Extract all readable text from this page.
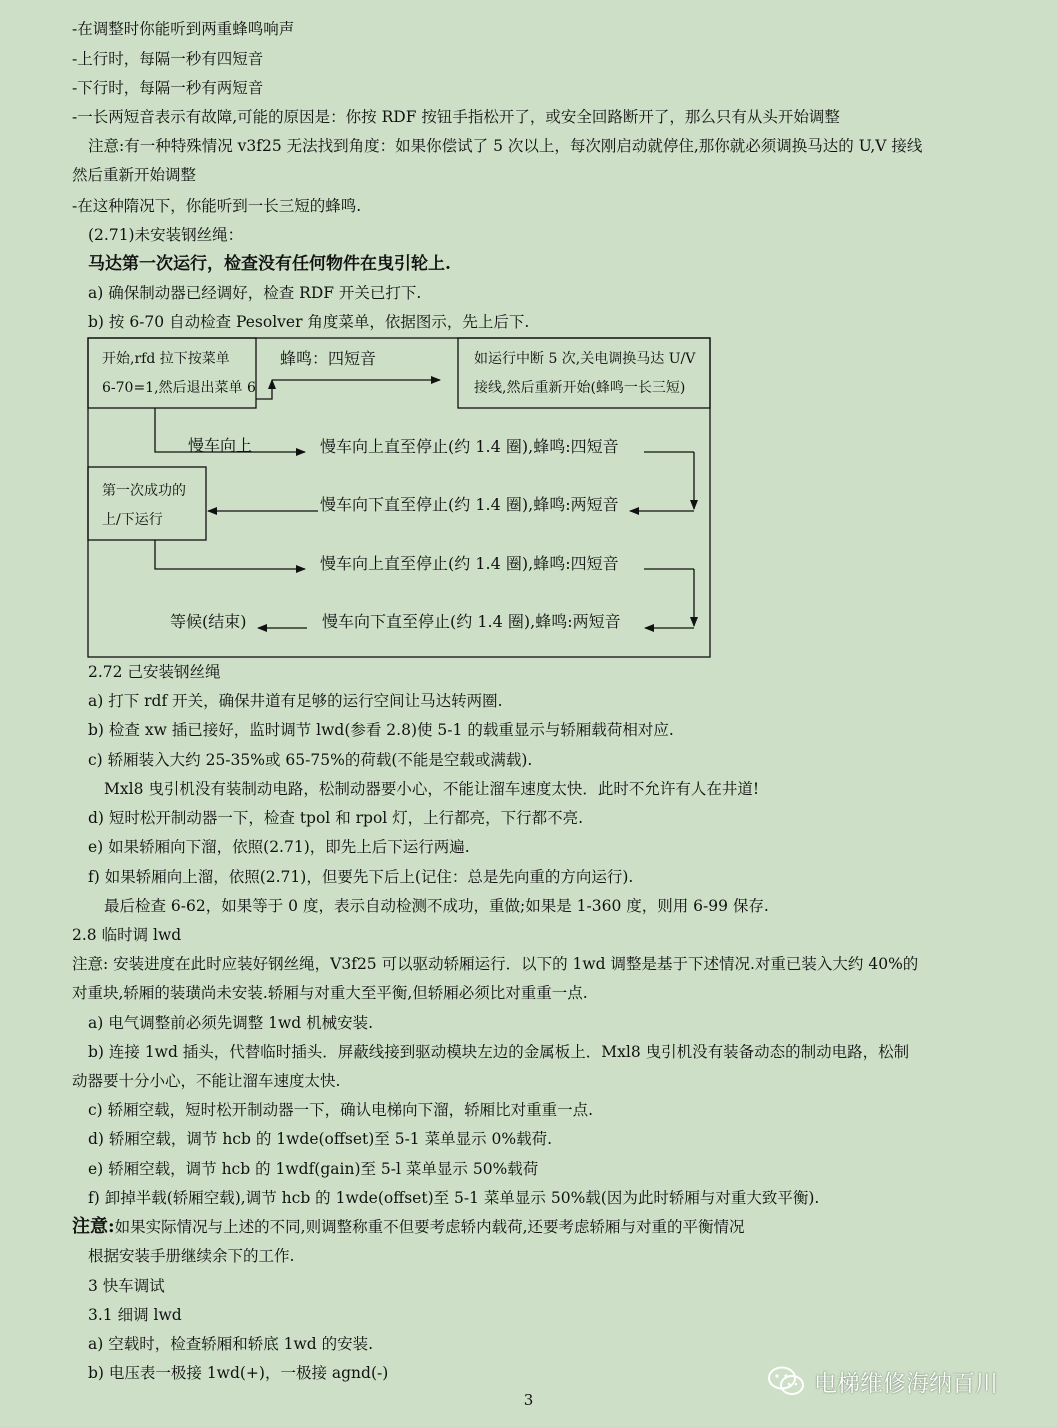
-在调整时你能听到两重蜂鸣响声
-上行时，每隔一秒有四短音
-下行时，每隔一秒有两短音
-一长两短音表示有故障,可能的原因是：你按 RDF 按钮手指松开了，或安全回路断开了，那么只有从头开始调整
注意:有一种特殊情况 v3f25 无法找到角度：如果你偿试了 5 次以上，每次刚启动就停住,那你就必须调换马达的 U,V 接线
然后重新开始调整
-在这种隋况下，你能听到一长三短的蜂鸣.
(2.71)未安装钢丝绳：
马达第一次运行，检查没有任何物件在曳引轮上.
a) 确保制动器已经调好，检查 RDF 开关已打下.
b) 按 6-70 自动检查 Pesolver 角度菜单，依据图示，先上后下.
开始,rfd 拉下按菜单
6-70=1,然后退出菜单 6
如运行中断 5 次,关电调换马达 U/V
接线,然后重新开始(蜂鸣一长三短)
第一次成功的
上/下运行
蜂鸣：四短音
慢车向上	慢车向上直至停止(约 1.4 圈),蜂鸣:四短音
慢车向下直至停止(约 1.4 圈),蜂鸣:两短音
慢车向上直至停止(约 1.4 圈),蜂鸣:四短音
等候(结束)	慢车向下直至停止(约 1.4 圈),蜂鸣:两短音
2.72 己安装钢丝绳
a) 打下 rdf 开关，确保井道有足够的运行空间让马达转两圈.
b) 检查 xw 插已接好，监时调节 lwd(参看 2.8)使 5-1 的载重显示与轿厢载荷相对应.
c) 轿厢装入大约 25-35%或 65-75%的荷载(不能是空载或满载).
Mxl8 曳引机没有装制动电路，松制动器要小心，不能让溜车速度太快．此时不允许有人在井道!
d) 短时松开制动器一下，检查 tpol 和 rpol 灯，上行都亮，下行都不亮.
e) 如果轿厢向下溜，依照(2.71)，即先上后下运行两遍.
f) 如果轿厢向上溜，依照(2.71)，但要先下后上(记住：总是先向重的方向运行).
最后检查 6-62，如果等于 0 度，表示自动检测不成功，重做;如果是 1-360 度，则用 6-99 保存.
2.8 临时调 lwd
注意: 安装进度在此时应装好钢丝绳，V3f25 可以驱动轿厢运行．以下的 1wd 调整是基于下述情况.对重已装入大约 40%的
对重块,轿厢的装璜尚未安装.轿厢与对重大至平衡,但轿厢必须比对重重一点.
a) 电气调整前必须先调整 1wd 机械安装.
b) 连接 1wd 插头，代替临时插头．屏蔽线接到驱动模块左边的金属板上．Mxl8 曳引机没有装备动态的制动电路，松制
动器要十分小心，不能让溜车速度太快.
c) 轿厢空载，短时松开制动器一下，确认电梯向下溜，轿厢比对重重一点.
d) 轿厢空载，调节 hcb 的 1wde(offset)至 5-1 菜单显示 0%载荷.
e) 轿厢空载，调节 hcb 的 1wdf(gain)至 5-l 菜单显示 50%载荷
f) 卸掉半载(轿厢空载),调节 hcb 的 1wde(offset)至 5-1 菜单显示 50%载(因为此时轿厢与对重大致平衡).
注意:如果实际情况与上述的不同,则调整称重不但要考虑轿内载荷,还要考虑轿厢与对重的平衡情况
根据安装手册继续余下的工作.
3 快车调试
3.1 细调 lwd
a) 空载时，检查轿厢和轿底 1wd 的安装.
b) 电压表一极接 1wd(+)，一极接 agnd(-)	电梯维修海纳百川
3
